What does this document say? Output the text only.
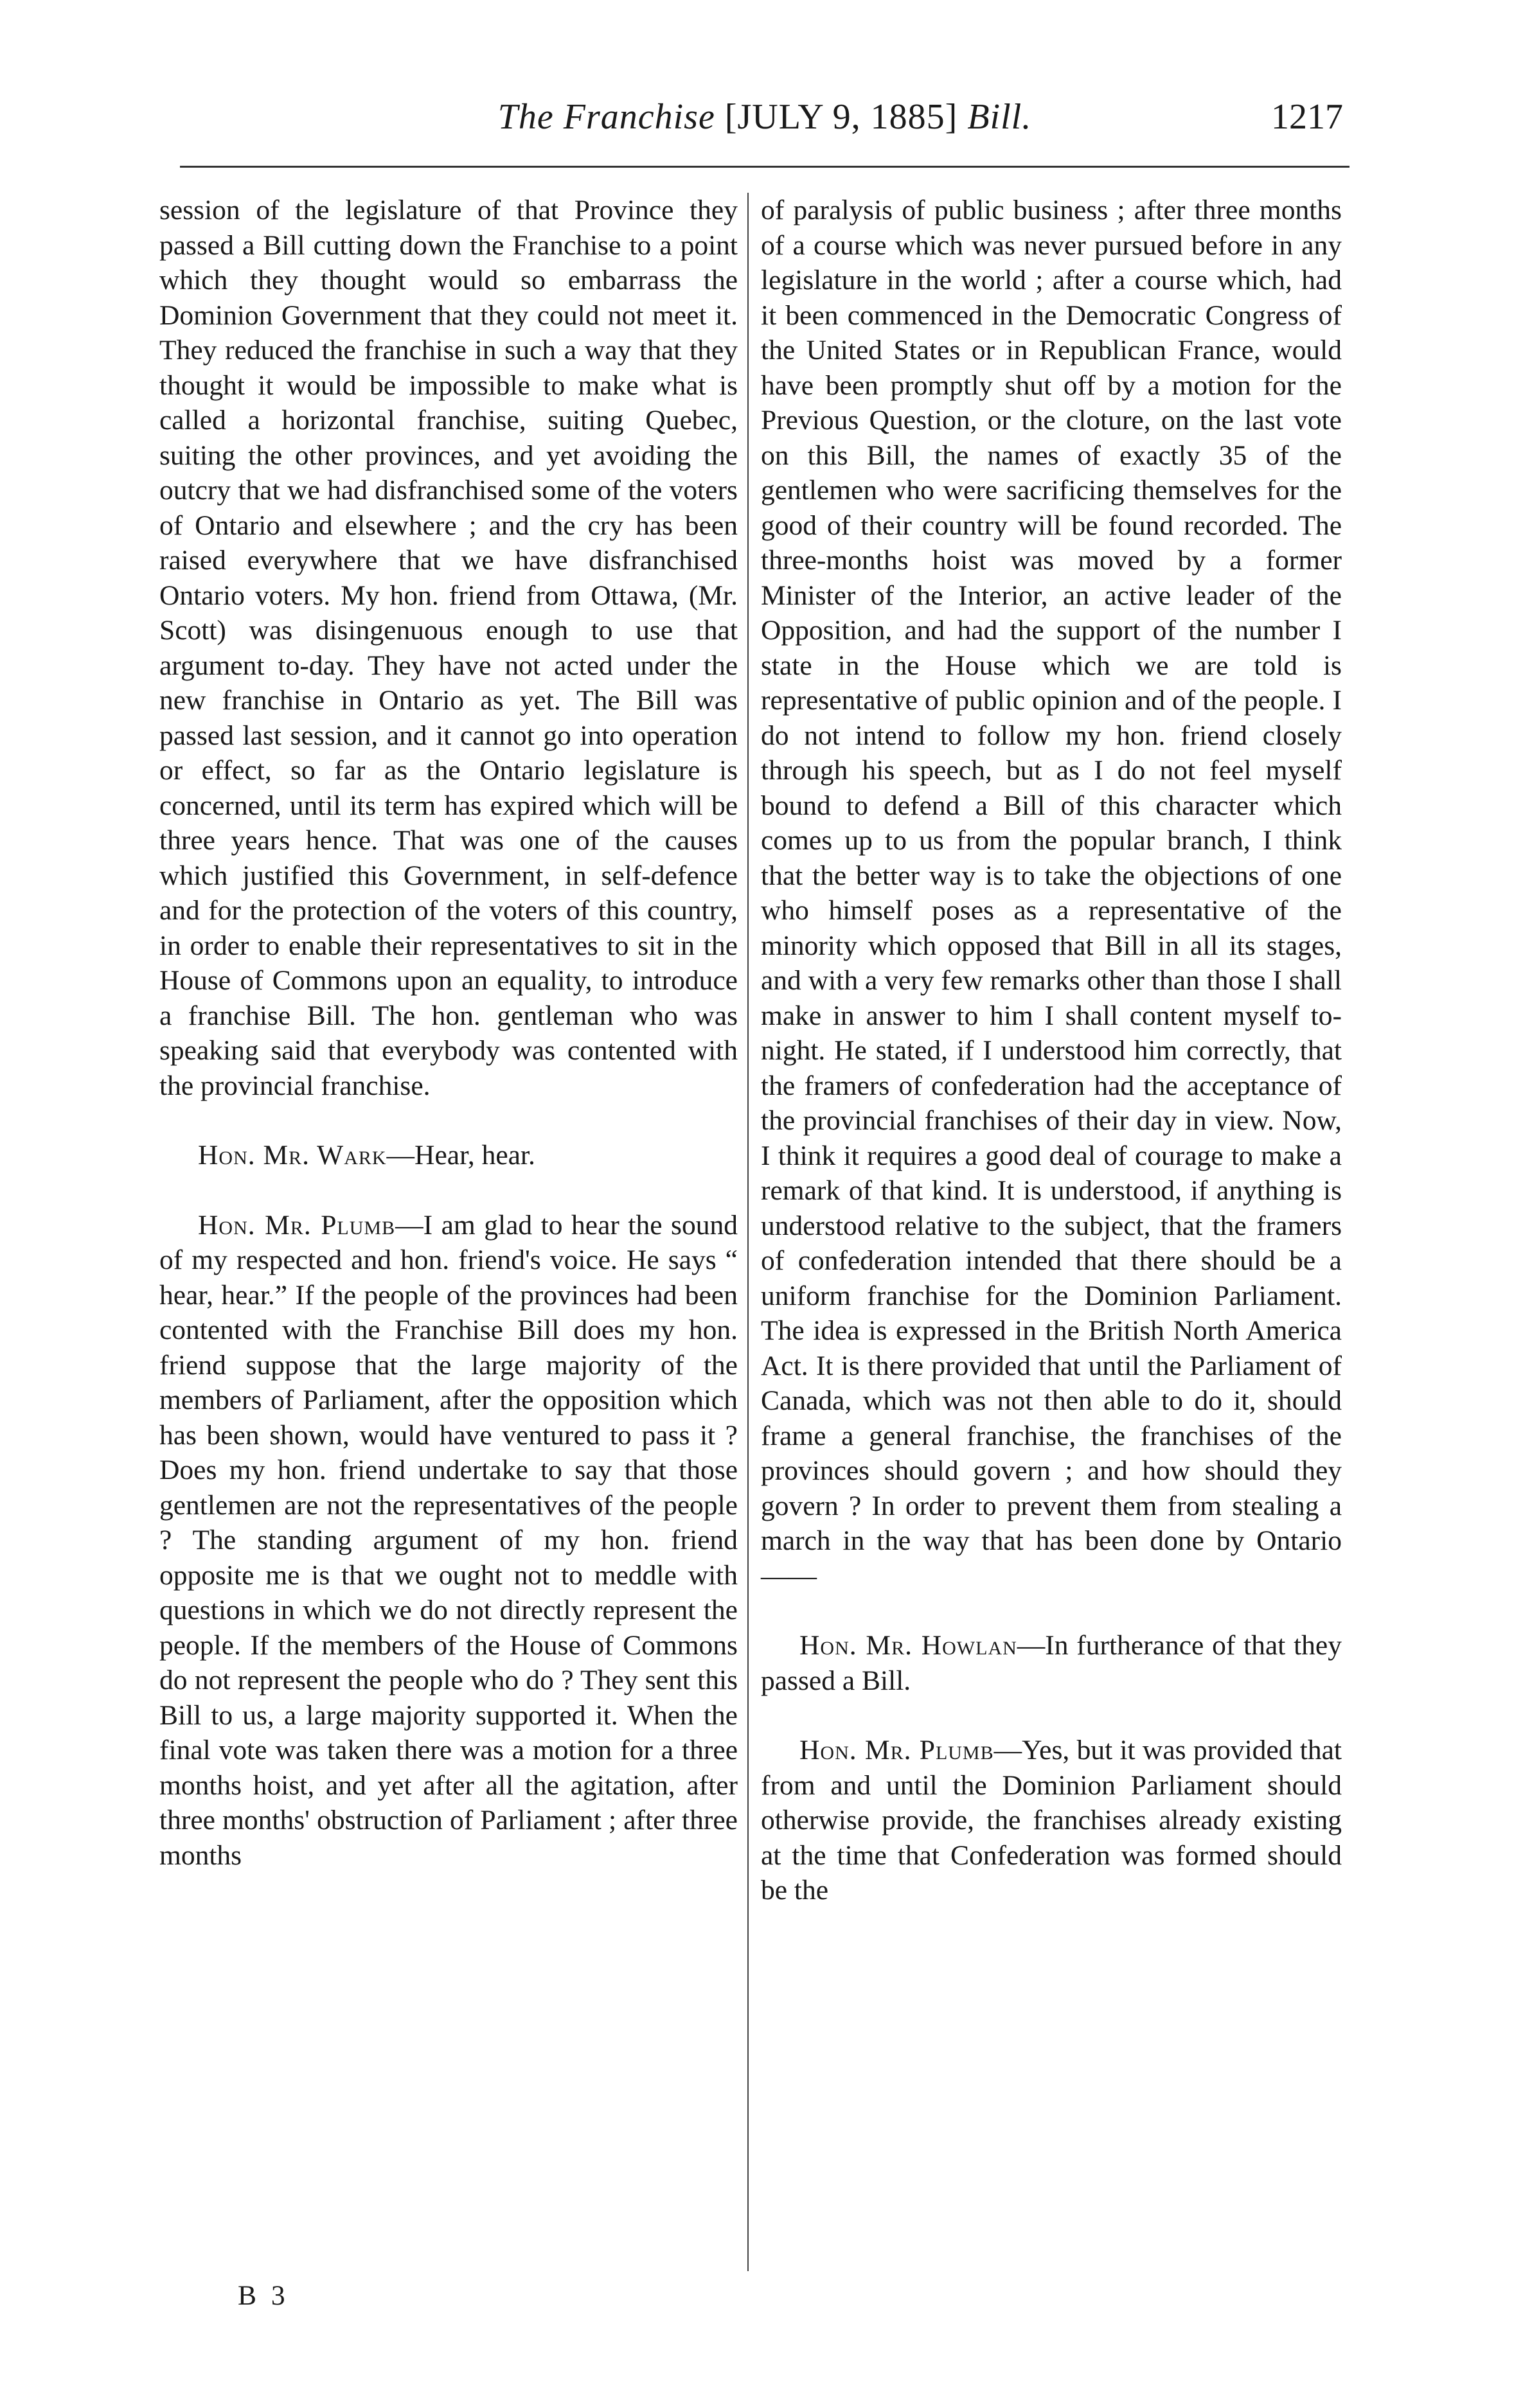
The Franchise [JULY 9, 1885] Bill.	1217

session of the legislature of that Province they passed a Bill cutting down the Franchise to a point which they thought would so embarrass the Dominion Government that they could not meet it. They reduced the franchise in such a way that they thought it would be impossible to make what is called a horizontal franchise, suiting Quebec, suiting the other provinces, and yet avoiding the outcry that we had disfranchised some of the voters of Ontario and elsewhere ; and the cry has been raised everywhere that we have disfranchised Ontario voters. My hon. friend from Ottawa, (Mr. Scott) was disingenuous enough to use that argument to-day. They have not acted under the new franchise in Ontario as yet. The Bill was passed last session, and it cannot go into operation or effect, so far as the Ontario legislature is concerned, until its term has expired which will be three years hence. That was one of the causes which justified this Government, in self-defence and for the protection of the voters of this country, in order to enable their representatives to sit in the House of Commons upon an equality, to introduce a franchise Bill. The hon. gentleman who was speaking said that everybody was contented with the provincial franchise.

Hon. Mr. Wark—Hear, hear.

Hon. Mr. Plumb—I am glad to hear the sound of my respected and hon. friend's voice. He says “ hear, hear.” If the people of the provinces had been contented with the Franchise Bill does my hon. friend suppose that the large majority of the members of Parliament, after the opposition which has been shown, would have ventured to pass it ? Does my hon. friend undertake to say that those gentlemen are not the representatives of the people ? The standing argument of my hon. friend opposite me is that we ought not to meddle with questions in which we do not directly represent the people. If the members of the House of Commons do not represent the people who do ? They sent this Bill to us, a large majority supported it. When the final vote was taken there was a motion for a three months hoist, and yet after all the agitation, after three months' obstruction of Parliament ; after three months

of paralysis of public business ; after three months of a course which was never pursued before in any legislature in the world ; after a course which, had it been commenced in the Democratic Congress of the United States or in Republican France, would have been promptly shut off by a motion for the Previous Question, or the cloture, on the last vote on this Bill, the names of exactly 35 of the gentlemen who were sacrificing themselves for the good of their country will be found recorded. The three-months hoist was moved by a former Minister of the Interior, an active leader of the Opposition, and had the support of the number I state in the House which we are told is representative of public opinion and of the people. I do not intend to follow my hon. friend closely through his speech, but as I do not feel myself bound to defend a Bill of this character which comes up to us from the popular branch, I think that the better way is to take the objections of one who himself poses as a representative of the minority which opposed that Bill in all its stages, and with a very few remarks other than those I shall make in answer to him I shall content myself to-night. He stated, if I understood him correctly, that the framers of confederation had the acceptance of the provincial franchises of their day in view. Now, I think it requires a good deal of courage to make a remark of that kind. It is understood, if anything is understood relative to the subject, that the framers of confederation intended that there should be a uniform franchise for the Dominion Parliament. The idea is expressed in the British North America Act. It is there provided that until the Parliament of Canada, which was not then able to do it, should frame a general franchise, the franchises of the provinces should govern ; and how should they govern ? In order to prevent them from stealing a march in the way that has been done by Ontario——

Hon. Mr. Howlan—In furtherance of that they passed a Bill.

Hon. Mr. Plumb—Yes, but it was provided that from and until the Dominion Parliament should otherwise provide, the franchises already existing at the time that Confederation was formed should be the

B 3
